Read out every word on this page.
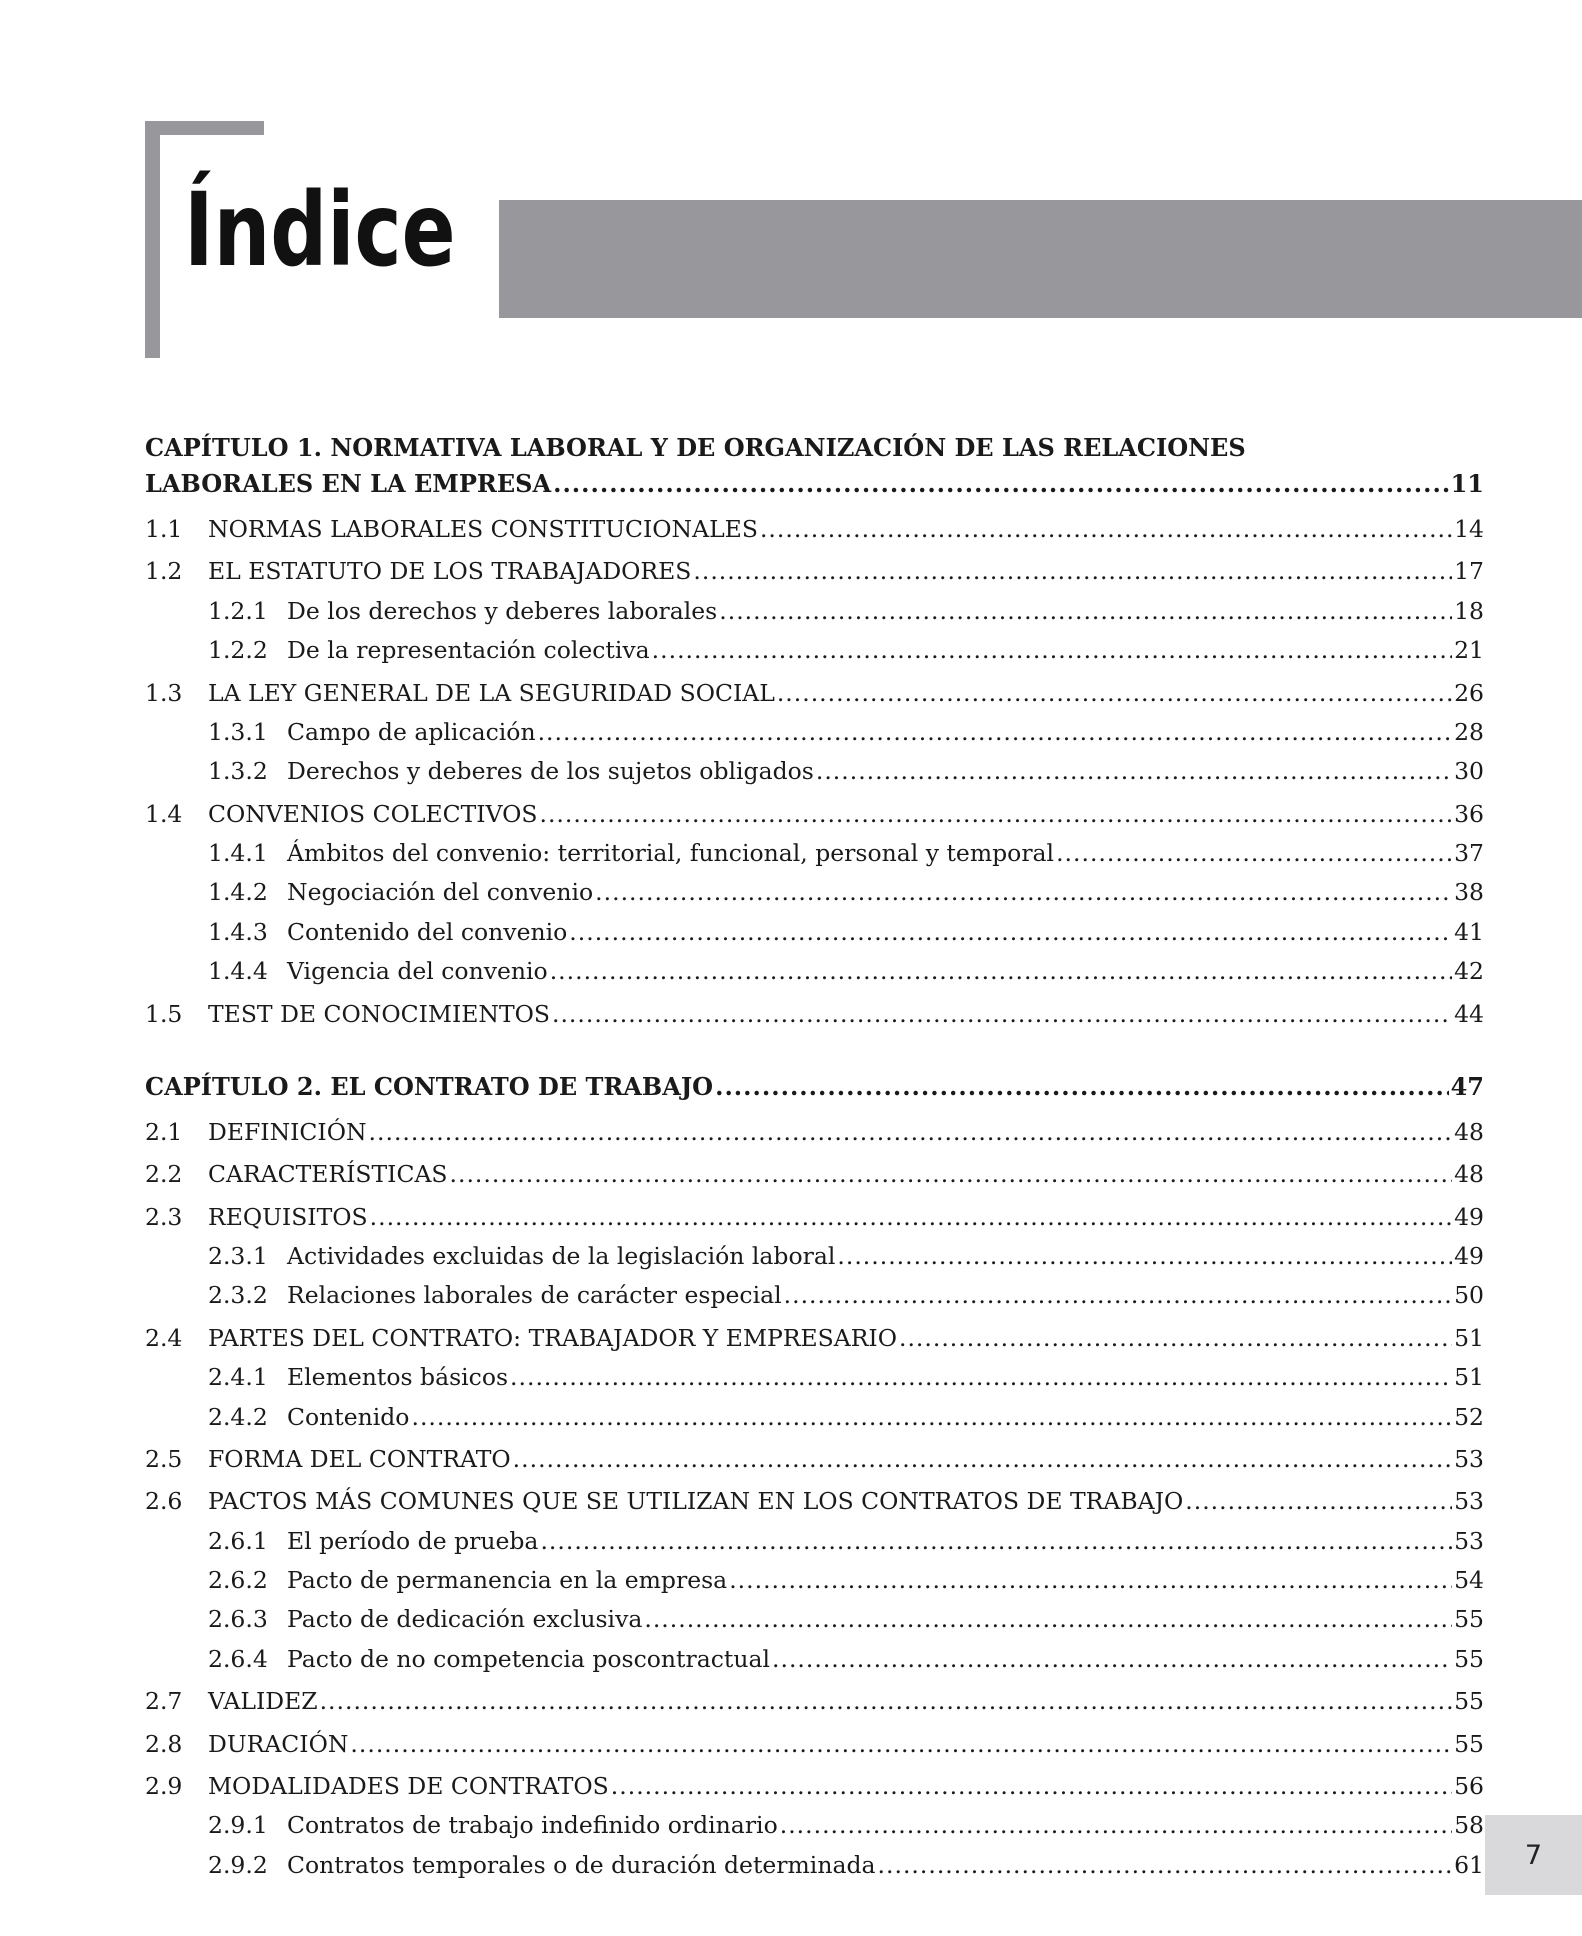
Índice
CAPÍTULO 1. NORMATIVA LABORAL Y DE ORGANIZACIÓN DE LAS RELACIONES
LABORALES EN LA EMPRESA .....	11
1.1	NORMAS LABORALES CONSTITUCIONALES .....	14
1.2	EL ESTATUTO DE LOS TRABAJADORES .....	17
1.2.1 De los derechos y deberes laborales .....	18
1.2.2 De la representación colectiva .....	21
1.3	LA LEY GENERAL DE LA SEGURIDAD SOCIAL .....	26
1.3.1 Campo de aplicación .....	28
1.3.2 Derechos y deberes de los sujetos obligados .....	30
1.4	CONVENIOS COLECTIVOS .....	36
1.4.1 Ámbitos del convenio: territorial, funcional, personal y temporal .....	37
1.4.2 Negociación del convenio .....	38
1.4.3 Contenido del convenio .....	41
1.4.4 Vigencia del convenio .....	42
1.5	TEST DE CONOCIMIENTOS .....	44
CAPÍTULO 2. EL CONTRATO DE TRABAJO .....	47
2.1	DEFINICIÓN .....	48
2.2	CARACTERÍSTICAS .....	48
2.3	REQUISITOS .....	49
2.3.1 Actividades excluidas de la legislación laboral .....	49
2.3.2 Relaciones laborales de carácter especial .....	50
2.4	PARTES DEL CONTRATO: TRABAJADOR Y EMPRESARIO .....	51
2.4.1 Elementos básicos .....	51
2.4.2 Contenido .....	52
2.5	FORMA DEL CONTRATO .....	53
2.6	PACTOS MÁS COMUNES QUE SE UTILIZAN EN LOS CONTRATOS DE TRABAJO .....	53
2.6.1 El período de prueba .....	53
2.6.2 Pacto de permanencia en la empresa .....	54
2.6.3 Pacto de dedicación exclusiva .....	55
2.6.4 Pacto de no competencia poscontractual .....	55
2.7	VALIDEZ .....	55
2.8	DURACIÓN .....	55
2.9	MODALIDADES DE CONTRATOS .....	56
2.9.1 Contratos de trabajo indefinido ordinario .....	58
2.9.2 Contratos temporales o de duración determinada .....	61 7
